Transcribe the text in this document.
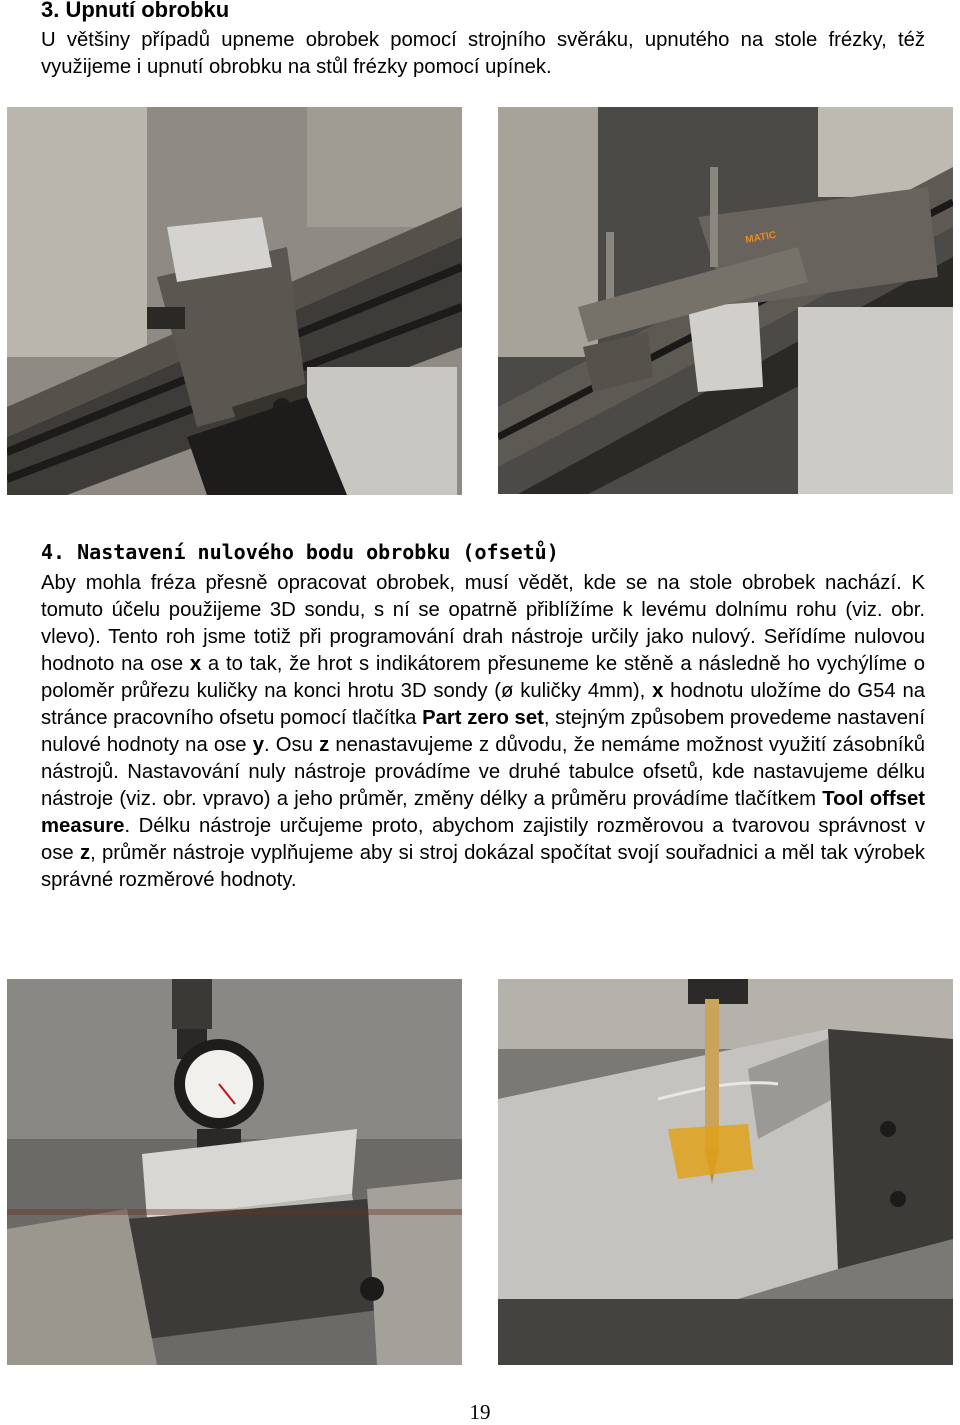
3. Upnutí obrobku

U většiny případů upneme obrobek pomocí strojního svěráku, upnutého na stole frézky, též využijeme i upnutí obrobku na stůl frézky pomocí upínek.

MATIC
4. Nastavení nulového bodu obrobku (ofsetů)

Aby mohla fréza přesně opracovat obrobek, musí vědět, kde se na stole obrobek nachází. K tomuto účelu použijeme 3D sondu, s ní se opatrně přiblížíme k levému dolnímu rohu (viz. obr. vlevo). Tento roh jsme totiž při programování drah nástroje určily jako nulový. Seřídíme nulovou hodnoto na ose x a to tak, že hrot s indikátorem přesuneme ke stěně a následně ho vychýlíme o poloměr průřezu kuličky na konci hrotu 3D sondy (ø kuličky 4mm), x hodnotu uložíme do G54 na stránce pracovního ofsetu pomocí tlačítka Part zero set, stejným způsobem provedeme nastavení nulové hodnoty na ose y. Osu z nenastavujeme z důvodu, že nemáme možnost využití zásobníků nástrojů. Nastavování nuly nástroje provádíme ve druhé tabulce ofsetů, kde nastavujeme délku nástroje (viz. obr. vpravo) a jeho průměr, změny délky a průměru provádíme tlačítkem Tool offset measure. Délku nástroje určujeme proto, abychom zajistily rozměrovou a tvarovou správnost v ose z, průměr nástroje vyplňujeme aby si stroj dokázal spočítat svojí souřadnici a měl tak výrobek správné rozměrové hodnoty.

19
